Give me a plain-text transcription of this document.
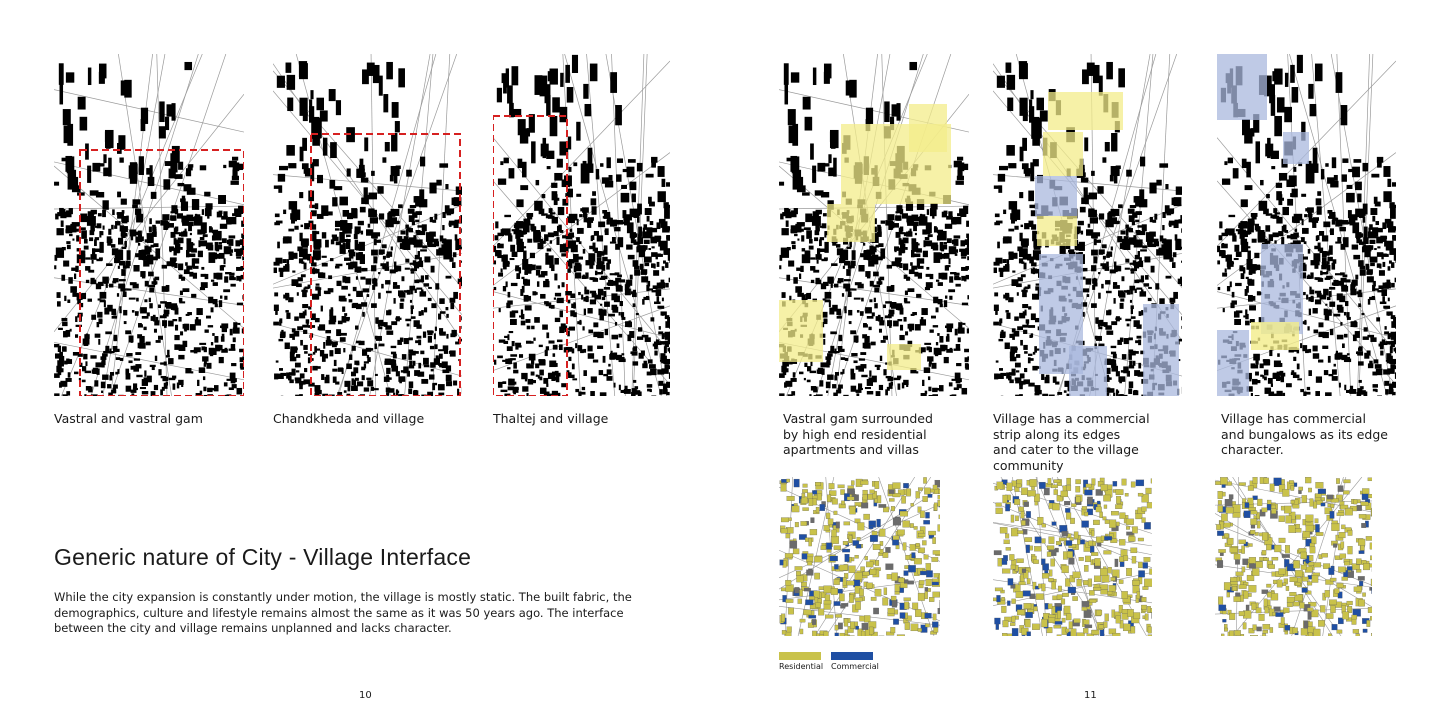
Vastral and vastral gam	Chandkheda and village	Thaltej and village
Generic nature of City - Village Interface
While the city expansion is constantly under motion, the village is mostly static. The built fabric, the
demographics, culture and lifestyle remains almost the same as it was 50 years ago. The interface
between the city and village remains unplanned and lacks character.
10
Vastral gam surrounded
by high end residential
apartments and villas
Village has a commercial
strip along its edges
and cater to the village
community
Village has commercial
and bungalows as its edge
character.
Residential Commercial
11
